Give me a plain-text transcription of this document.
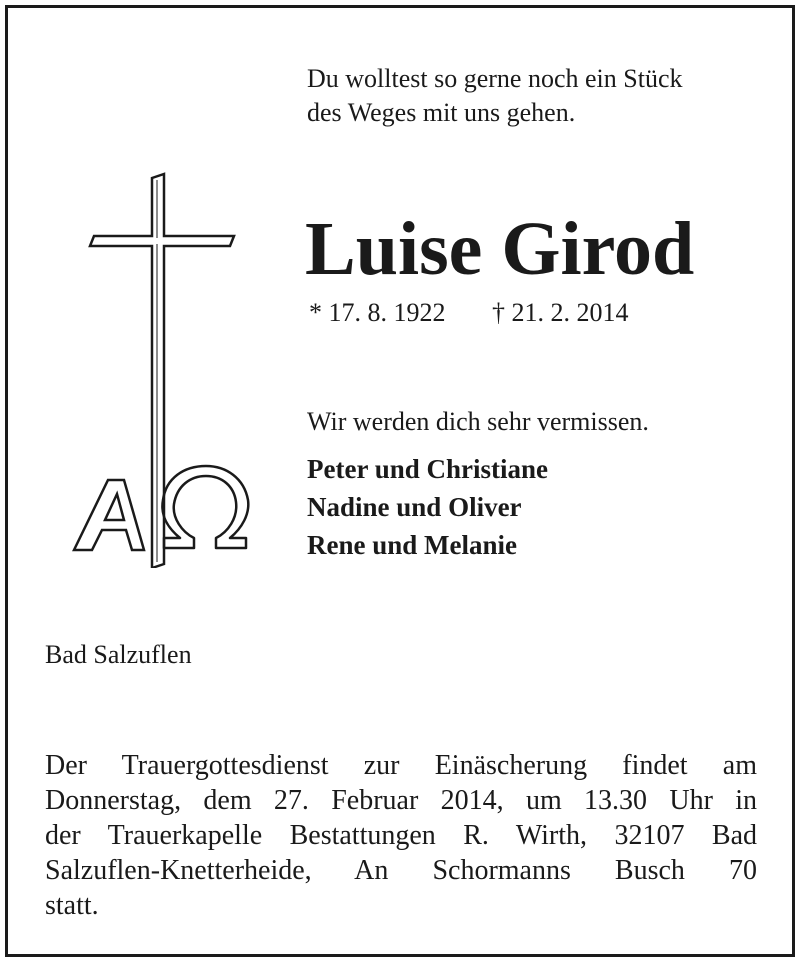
Du wolltest so gerne noch ein Stück
des Weges mit uns gehen.
Luise Girod
* 17. 8. 1922 † 21. 2. 2014
Wir werden dich sehr vermissen.
Peter und Christiane
Nadine und Oliver
Rene und Melanie
Bad Salzuflen
Der Trauergottesdienst zur Einäscherung findet am
Donnerstag, dem 27. Februar 2014, um 13.30 Uhr in
der Trauerkapelle Bestattungen R. Wirth, 32107 Bad
Salzuflen-Knetterheide, An Schormanns Busch 70
statt.
